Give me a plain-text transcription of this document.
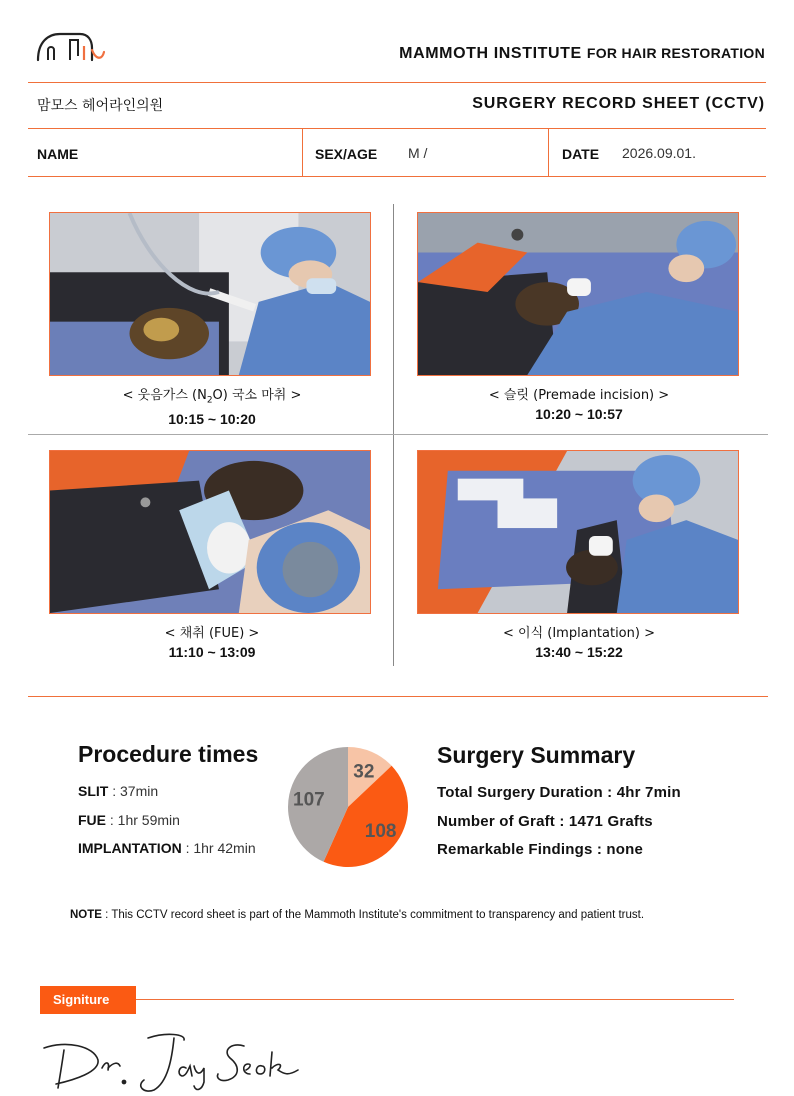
MAMMOTH INSTITUTE FOR HAIR RESTORATION
맘모스 헤어라인의원	SURGERY RECORD SHEET (CCTV)
NAME	SEX/AGE M /	DATE 2026.09.01.
< 웃음가스 $(N_2O)$ 국소 마취 >
10:15 ~ 10:20
< 슬릿 (Premade incision) >
10:20 ~ 10:57
< 채취 (FUE) >
11:10 ~ 13:09
< 이식 (Implantation) >
13:40 ~ 15:22
Procedure times
SLIT : 37min
FUE : 1hr 59min
IMPLANTATION : 1hr 42min
32
108
107
Surgery Summary
Total Surgery Duration : 4hr 7min
Number of Graft : 1471 Grafts
Remarkable Findings : none
NOTE : This CCTV record sheet is part of the Mammoth Institute's commitment to transparency and patient trust.
Signiture
